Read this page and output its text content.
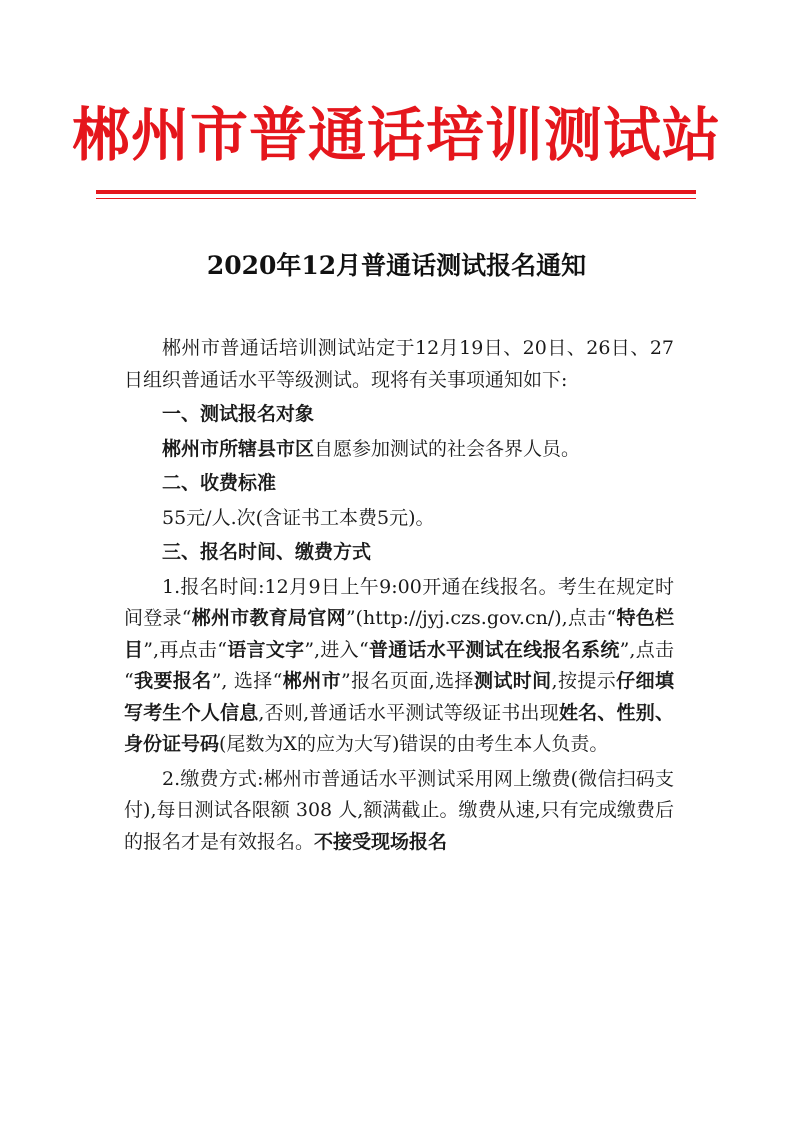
郴州市普通话培训测试站
2020年12月普通话测试报名通知

郴州市普通话培训测试站定于12月19日、20日、26日、27日组织普通话水平等级测试。现将有关事项通知如下:

一、测试报名对象

郴州市所辖县市区自愿参加测试的社会各界人员。

二、收费标准

55元/人.次(含证书工本费5元)。

三、报名时间、缴费方式

1.报名时间:12月9日上午9:00开通在线报名。考生在规定时间登录“郴州市教育局官网”(http://jyj.czs.gov.cn/),点击“特色栏目”,再点击“语言文字”,进入“普通话水平测试在线报名系统”,点击 “我要报名”, 选择“郴州市”报名页面,选择测试时间,按提示仔细填写考生个人信息,否则,普通话水平测试等级证书出现姓名、性别、身份证号码(尾数为X的应为大写)错误的由考生本人负责。

2.缴费方式:郴州市普通话水平测试采用网上缴费(微信扫码支付),每日测试各限额 308 人,额满截止。缴费从速,只有完成缴费后的报名才是有效报名。不接受现场报名
